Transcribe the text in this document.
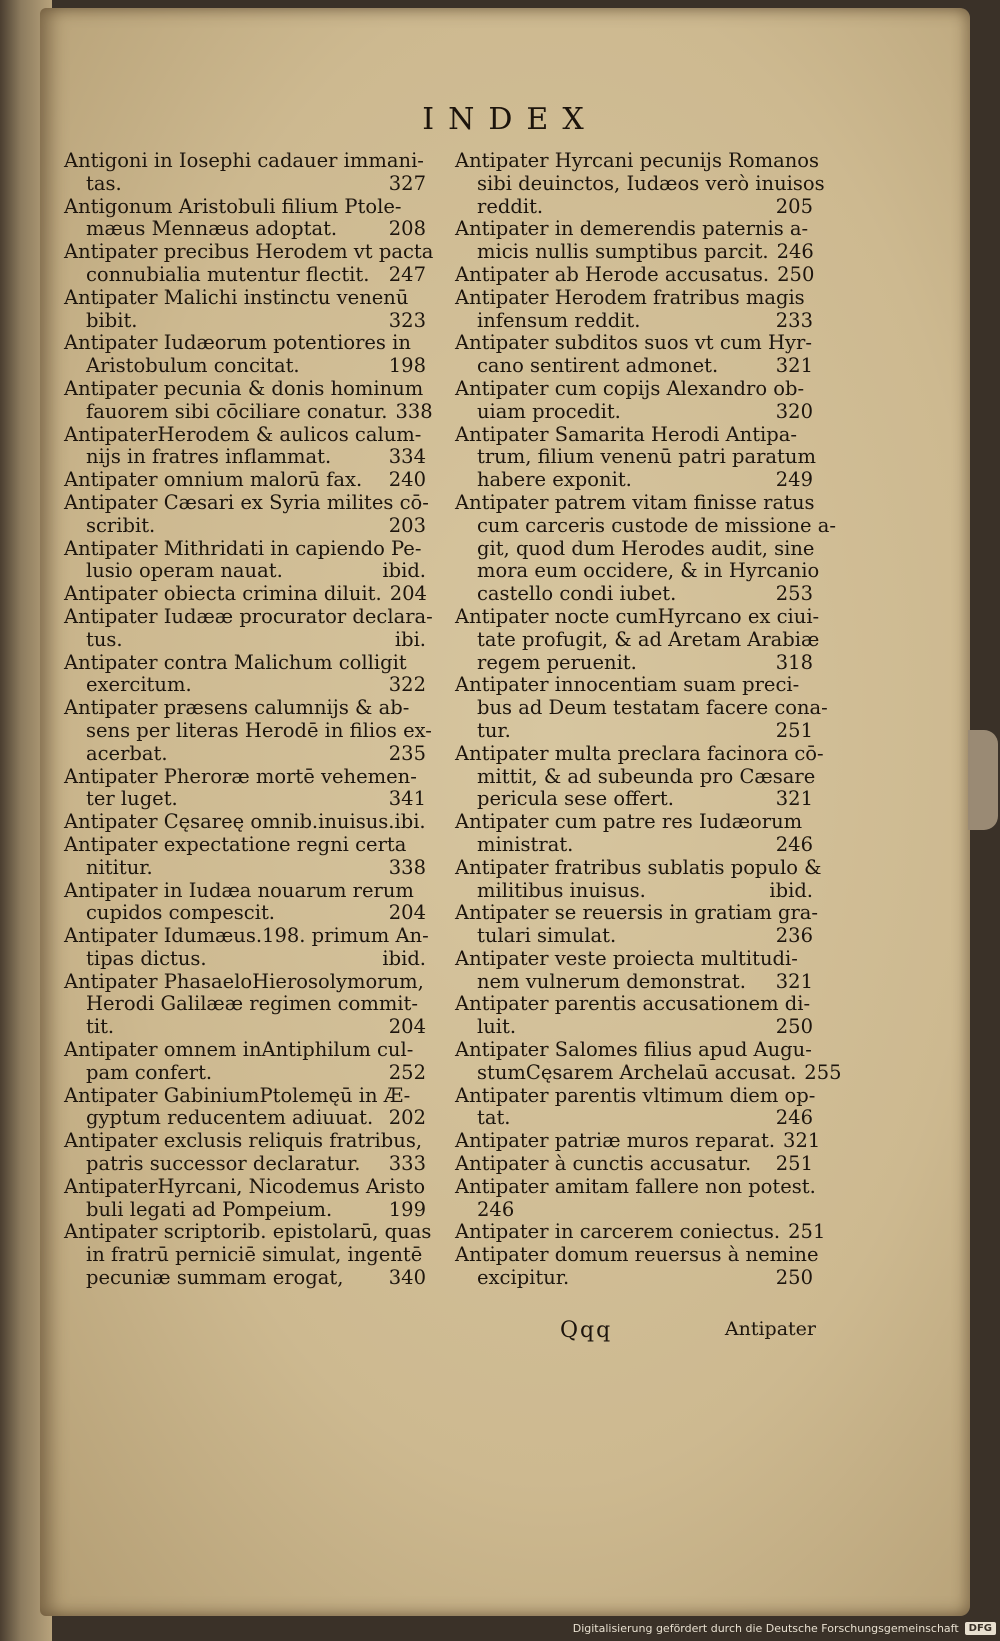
INDEX
Antigoni in Iosephi cadauer immani-
tas.	327
Antigonum Aristobuli filium Ptole-
mæus Mennæus adoptat.	208
Antipater precibus Herodem vt pacta
connubialia mutentur flectit. 247
Antipater Malichi instinctu venenū
bibit.	323
Antipater Iudæorum potentiores in
Aristobulum concitat.	198
Antipater pecunia & donis hominum
fauorem sibi cōciliare conatur. 338
AntipaterHerodem & aulicos calum-
nijs in fratres inflammat.	334
Antipater omnium malorū fax.	240
Antipater Cæsari ex Syria milites cō-
scribit.	203
Antipater Mithridati in capiendo Pe-
lusio operam nauat.	ibid.
Antipater obiecta crimina diluit. 204
Antipater Iudææ procurator declara-
tus.	ibi.
Antipater contra Malichum colligit
exercitum.	322
Antipater præsens calumnijs & ab-
sens per literas Herodē in filios ex-
acerbat.	235
Antipater Pheroræ mortē vehemen-
ter luget.	341
Antipater Cęsareę omnib.inuisus.ibi.
Antipater expectatione regni certa
nititur.	338
Antipater in Iudæa nouarum rerum
cupidos compescit.	204
Antipater Idumæus.198. primum An-
tipas dictus.	ibid.
Antipater PhasaeloHierosolymorum,
Herodi Galilææ regimen commit-
tit.	204
Antipater omnem inAntiphilum cul-
pam confert.	252
Antipater GabiniumPtolemęū in Æ-
gyptum reducentem adiuuat. 202
Antipater exclusis reliquis fratribus,
patris successor declaratur.	333
AntipaterHyrcani, Nicodemus Aristo
buli legati ad Pompeium.	199
Antipater scriptorib. epistolarū, quas
in fratrū perniciē simulat, ingentē
pecuniæ summam erogat,	340
Antipater Hyrcani pecunijs Romanos
sibi deuinctos, Iudæos verò inuisos
reddit.	205
Antipater in demerendis paternis a-
micis nullis sumptibus parcit. 246
Antipater ab Herode accusatus. 250
Antipater Herodem fratribus magis
infensum reddit.	233
Antipater subditos suos vt cum Hyr-
cano sentirent admonet.	321
Antipater cum copijs Alexandro ob-
uiam procedit.	320
Antipater Samarita Herodi Antipa-
trum, filium venenū patri paratum
habere exponit.	249
Antipater patrem vitam finisse ratus
cum carceris custode de missione a-
git, quod dum Herodes audit, sine
mora eum occidere, & in Hyrcanio
castello condi iubet.	253
Antipater nocte cumHyrcano ex ciui-
tate profugit, & ad Aretam Arabiæ
regem peruenit.	318
Antipater innocentiam suam preci-
bus ad Deum testatam facere cona-
tur.	251
Antipater multa preclara facinora cō-
mittit, & ad subeunda pro Cæsare
pericula sese offert.	321
Antipater cum patre res Iudæorum
ministrat.	246
Antipater fratribus sublatis populo &
militibus inuisus.	ibid.
Antipater se reuersis in gratiam gra-
tulari simulat.	236
Antipater veste proiecta multitudi-
nem vulnerum demonstrat.	321
Antipater parentis accusationem di-
luit.	250
Antipater Salomes filius apud Augu-
stumCęsarem Archelaū accusat. 255
Antipater parentis vltimum diem op-
tat.	246
Antipater patriæ muros reparat. 321
Antipater à cunctis accusatur.	251
Antipater amitam fallere non potest.
246
Antipater in carcerem coniectus. 251
Antipater domum reuersus à nemine
excipitur.	250
Qqq	Antipater
Digitalisierung gefördert durch die Deutsche Forschungsgemeinschaft	DFG
